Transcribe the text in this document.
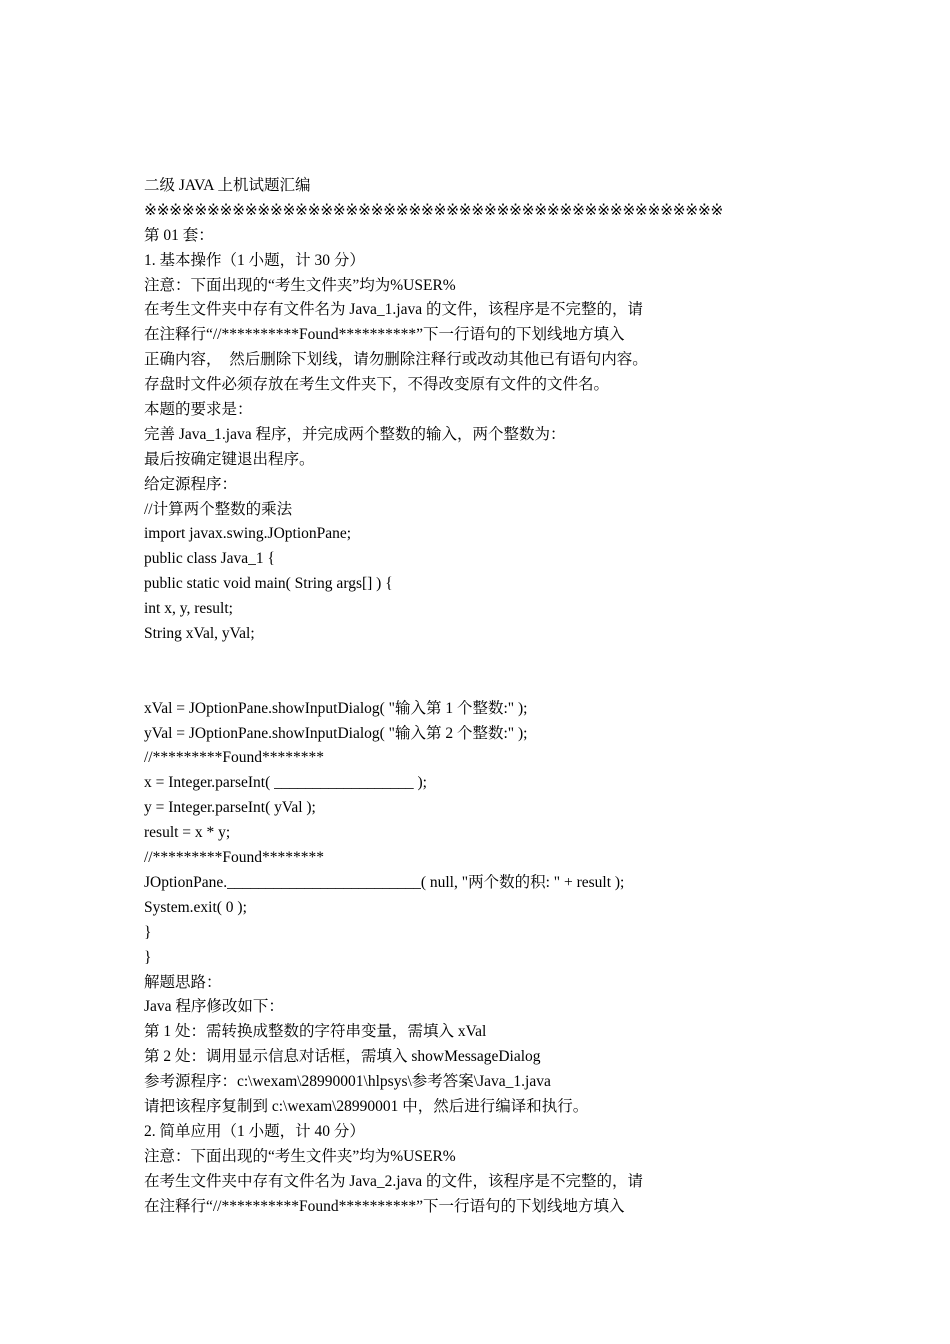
二级 JAVA 上机试题汇编
※※※※※※※※※※※※※※※※※※※※※※※※※※※※※※※※※※※※※※※※※※※※※※
第 01 套：
1. 基本操作（1 小题，计 30 分）
注意：下面出现的“考生文件夹”均为%USER%
在考生文件夹中存有文件名为 Java_1.java 的文件，该程序是不完整的，请
在注释行“//**********Found**********”下一行语句的下划线地方填入
正确内容，  然后删除下划线，请勿删除注释行或改动其他已有语句内容。
存盘时文件必须存放在考生文件夹下，不得改变原有文件的文件名。
本题的要求是：
完善 Java_1.java 程序，并完成两个整数的输入，两个整数为：
最后按确定键退出程序。
给定源程序：
//计算两个整数的乘法
import javax.swing.JOptionPane;
public class Java_1 {
public static void main( String args[] ) {
int x, y, result;
String xVal, yVal;
xVal = JOptionPane.showInputDialog( "输入第 1 个整数:" );
yVal = JOptionPane.showInputDialog( "输入第 2 个整数:" );
//*********Found********
x = Integer.parseInt( __________________ );
y = Integer.parseInt( yVal );
result = x * y;
//*********Found********
JOptionPane._________________________( null, "两个数的积: " + result );
System.exit( 0 );
}
}
解题思路：
Java 程序修改如下：
第 1 处：需转换成整数的字符串变量，需填入 xVal
第 2 处：调用显示信息对话框，需填入 showMessageDialog
参考源程序：c:\wexam\28990001\hlpsys\参考答案\Java_1.java
请把该程序复制到 c:\wexam\28990001 中，然后进行编译和执行。
2. 简单应用（1 小题，计 40 分）
注意：下面出现的“考生文件夹”均为%USER%
在考生文件夹中存有文件名为 Java_2.java 的文件，该程序是不完整的，请
在注释行“//**********Found**********”下一行语句的下划线地方填入
